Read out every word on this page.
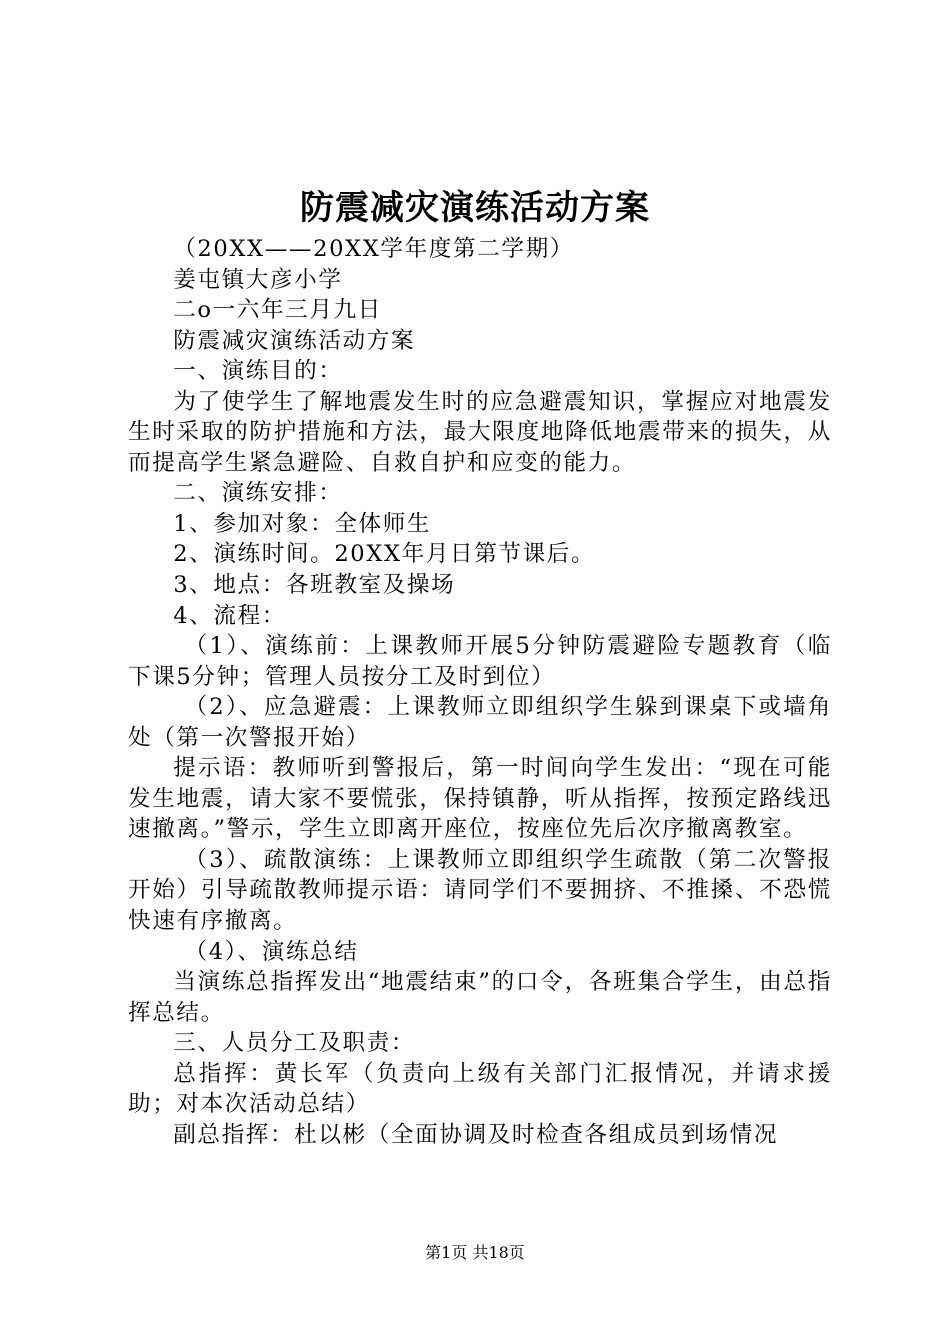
防震减灾演练活动方案

（20XX——20XX学年度第二学期）

姜屯镇大彦小学

二o一六年三月九日

防震减灾演练活动方案

一、演练目的：

为了使学生了解地震发生时的应急避震知识，掌握应对地震发生时采取的防护措施和方法，最大限度地降低地震带来的损失，从而提高学生紧急避险、自救自护和应变的能力。

二、演练安排：

1、参加对象：全体师生

2、演练时间。20XX年月日第节课后。

3、地点：各班教室及操场

4、流程：

（1）、演练前：上课教师开展5分钟防震避险专题教育（临下课5分钟；管理人员按分工及时到位）

（2）、应急避震：上课教师立即组织学生躲到课桌下或墙角处（第一次警报开始）

提示语：教师听到警报后，第一时间向学生发出：“现在可能发生地震，请大家不要慌张，保持镇静，听从指挥，按预定路线迅速撤离。”警示，学生立即离开座位，按座位先后次序撤离教室。

（3）、疏散演练：上课教师立即组织学生疏散（第二次警报开始）引导疏散教师提示语：请同学们不要拥挤、不推搡、不恐慌快速有序撤离。

（4）、演练总结

当演练总指挥发出“地震结束”的口令，各班集合学生，由总指挥总结。

三、人员分工及职责：

总指挥：黄长军（负责向上级有关部门汇报情况，并请求援助；对本次活动总结）

副总指挥：杜以彬（全面协调及时检查各组成员到场情况

第1页 共18页
